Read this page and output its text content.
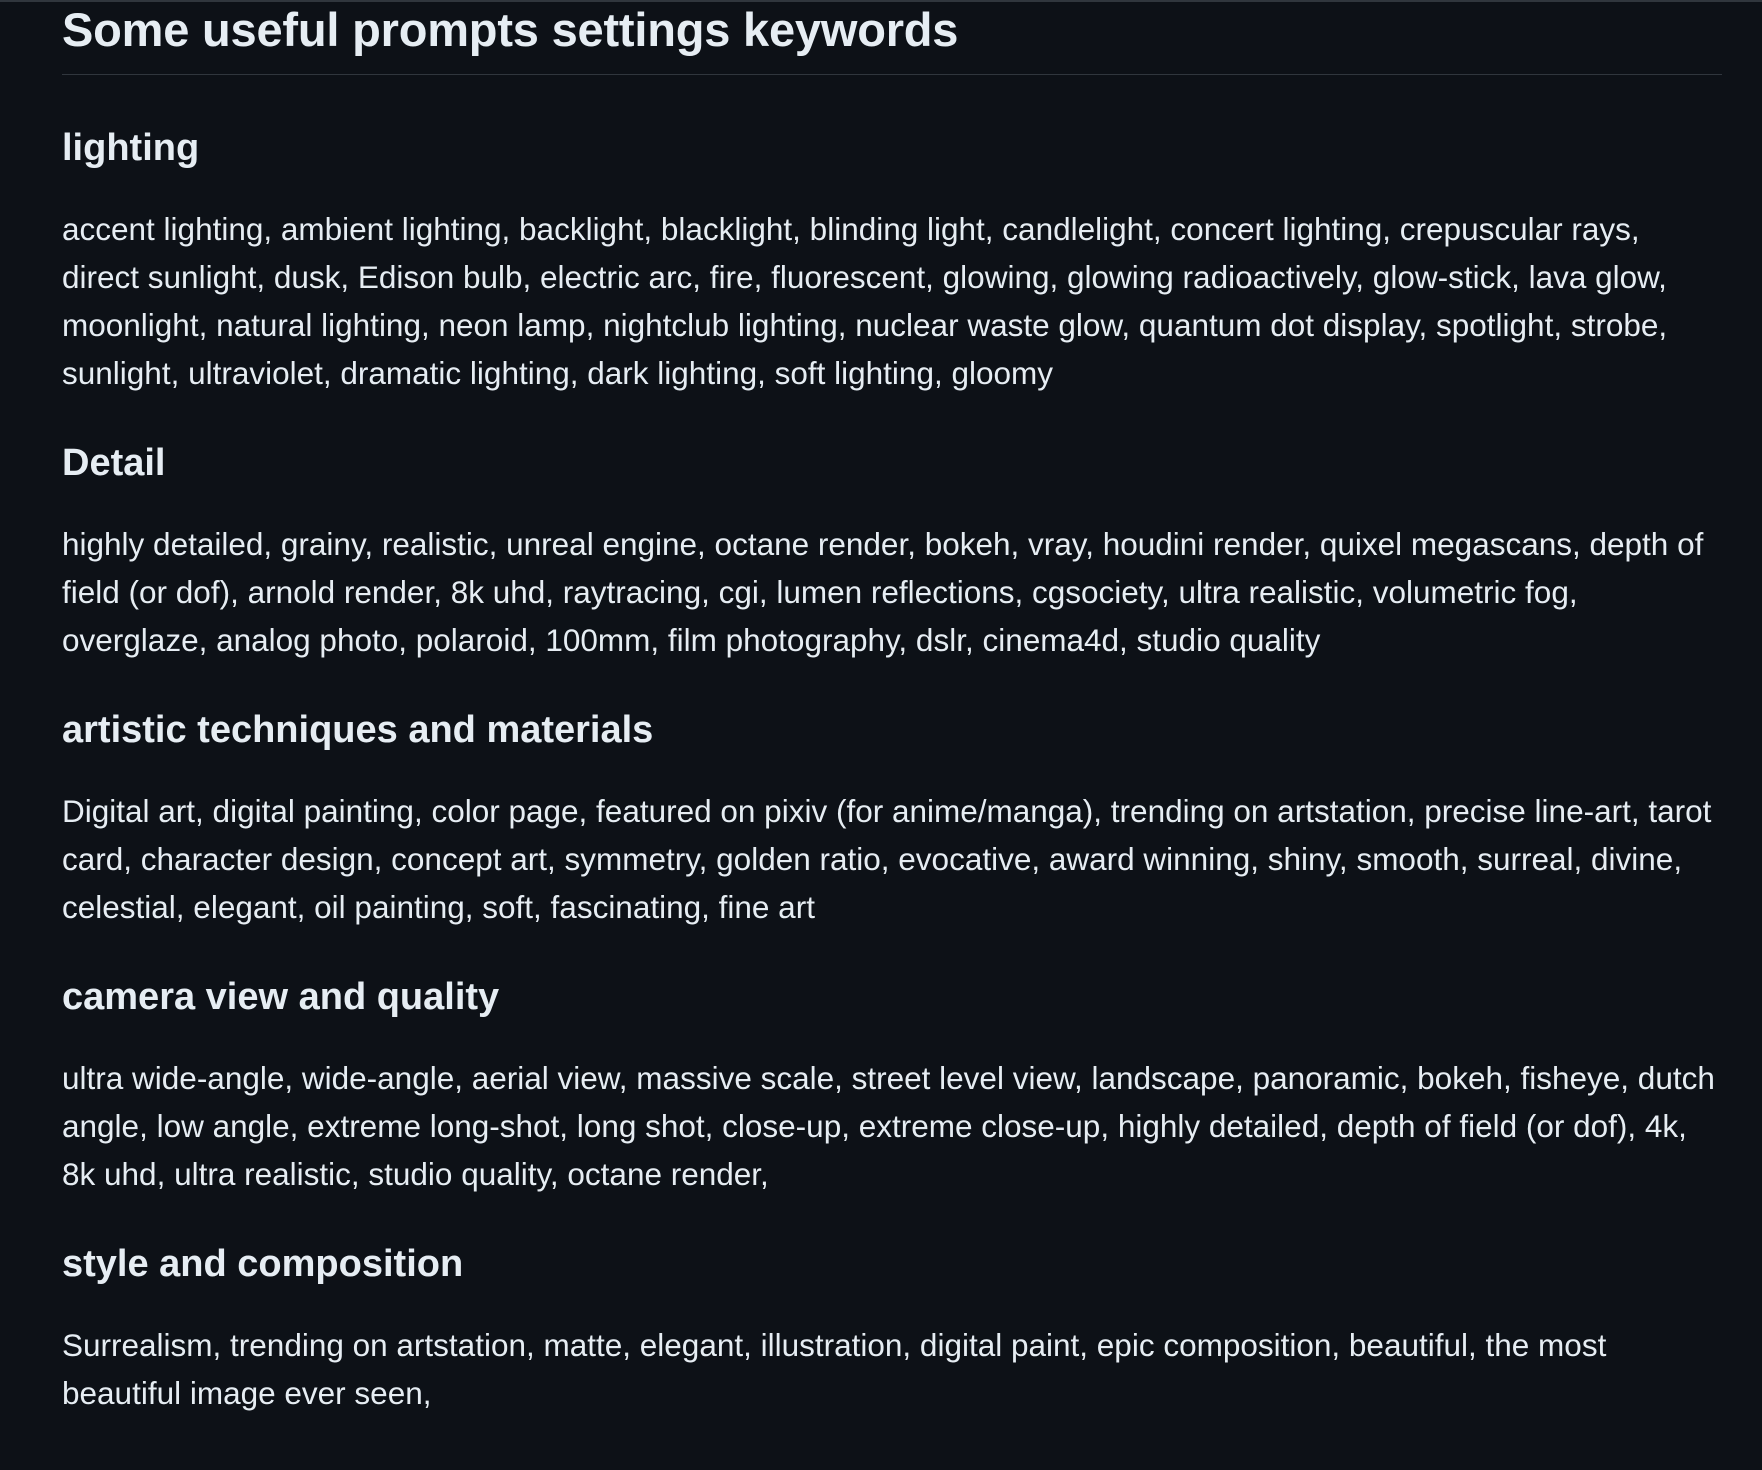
Some useful prompts settings keywords
lighting

accent lighting, ambient lighting, backlight, blacklight, blinding light, candlelight, concert lighting, crepuscular rays, direct sunlight, dusk, Edison bulb, electric arc, fire, fluorescent, glowing, glowing radioactively, glow-stick, lava glow, moonlight, natural lighting, neon lamp, nightclub lighting, nuclear waste glow, quantum dot display, spotlight, strobe, sunlight, ultraviolet, dramatic lighting, dark lighting, soft lighting, gloomy

Detail

highly detailed, grainy, realistic, unreal engine, octane render, bokeh, vray, houdini render, quixel megascans, depth of field (or dof), arnold render, 8k uhd, raytracing, cgi, lumen reflections, cgsociety, ultra realistic, volumetric fog, overglaze, analog photo, polaroid, 100mm, film photography, dslr, cinema4d, studio quality

artistic techniques and materials

Digital art, digital painting, color page, featured on pixiv (for anime/manga), trending on artstation, precise line-art, tarot card, character design, concept art, symmetry, golden ratio, evocative, award winning, shiny, smooth, surreal, divine, celestial, elegant, oil painting, soft, fascinating, fine art

camera view and quality

ultra wide-angle, wide-angle, aerial view, massive scale, street level view, landscape, panoramic, bokeh, fisheye, dutch angle, low angle, extreme long-shot, long shot, close-up, extreme close-up, highly detailed, depth of field (or dof), 4k, 8k uhd, ultra realistic, studio quality, octane render,

style and composition

Surrealism, trending on artstation, matte, elegant, illustration, digital paint, epic composition, beautiful, the most beautiful image ever seen,
